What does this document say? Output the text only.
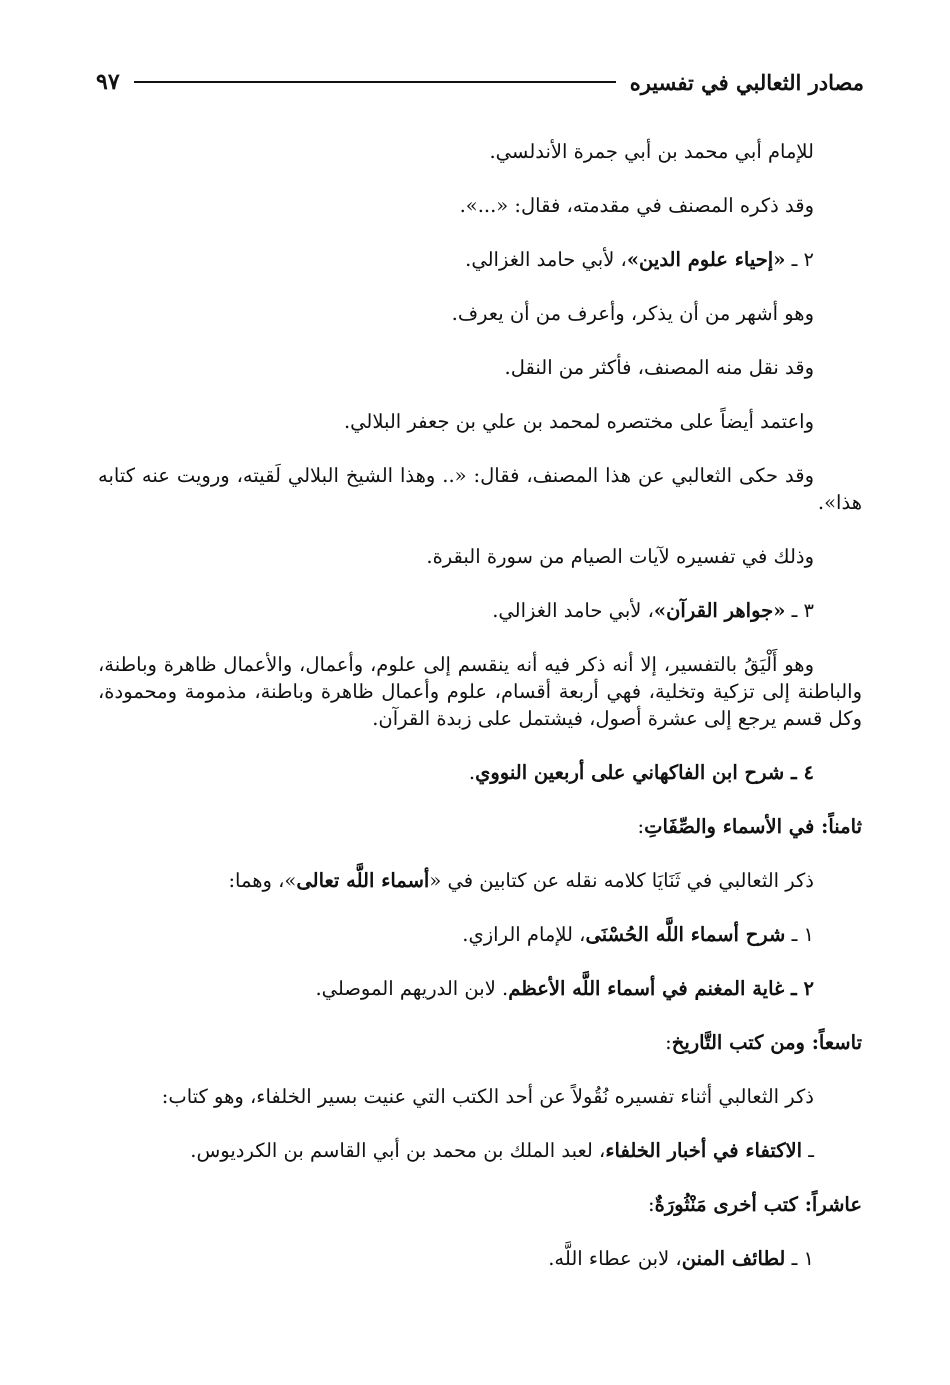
مصادر الثعالبي في تفسيره
٩٧

للإمام أبي محمد بن أبي جمرة الأندلسي.

وقد ذكره المصنف في مقدمته، فقال: «...».

٢ ـ «إحياء علوم الدين»، لأبي حامد الغزالي.

وهو أشهر من أن يذكر، وأعرف من أن يعرف.

وقد نقل منه المصنف، فأكثر من النقل.

واعتمد أيضاً على مختصره لمحمد بن علي بن جعفر البلالي.

وقد حكى الثعالبي عن هذا المصنف، فقال: «.. وهذا الشيخ البلالي لَقيته، ورويت عنه كتابه هذا».

وذلك في تفسيره لآيات الصيام من سورة البقرة.

٣ ـ «جواهر القرآن»، لأبي حامد الغزالي.

وهو أَلْيَقُ بالتفسير، إلا أنه ذكر فيه أنه ينقسم إلى علوم، وأعمال، والأعمال ظاهرة وباطنة، والباطنة إلى تزكية وتخلية، فهي أربعة أقسام، علوم وأعمال ظاهرة وباطنة، مذمومة ومحمودة، وكل قسم يرجع إلى عشرة أصول، فيشتمل على زبدة القرآن.

٤ ـ شرح ابن الفاكهاني على أربعين النووي.

ثامناً: في الأسماء والصِّفَاتِ:

ذكر الثعالبي في ثَنَايَا كلامه نقله عن كتابين في «أسماء اللَّه تعالى»، وهما:

١ ـ شرح أسماء اللَّه الحُسْنَى، للإمام الرازي.

٢ ـ غاية المغنم في أسماء اللَّه الأعظم. لابن الدريهم الموصلي.

تاسعاً: ومن كتب التَّاريخ:

ذكر الثعالبي أثناء تفسيره نُقُولاً عن أحد الكتب التي عنيت بسير الخلفاء، وهو كتاب:

ـ الاكتفاء في أخبار الخلفاء، لعبد الملك بن محمد بن أبي القاسم بن الكرديوس.

عاشراً: كتب أخرى مَنْثُورَةٌ:

١ ـ لطائف المنن، لابن عطاء اللَّه.
